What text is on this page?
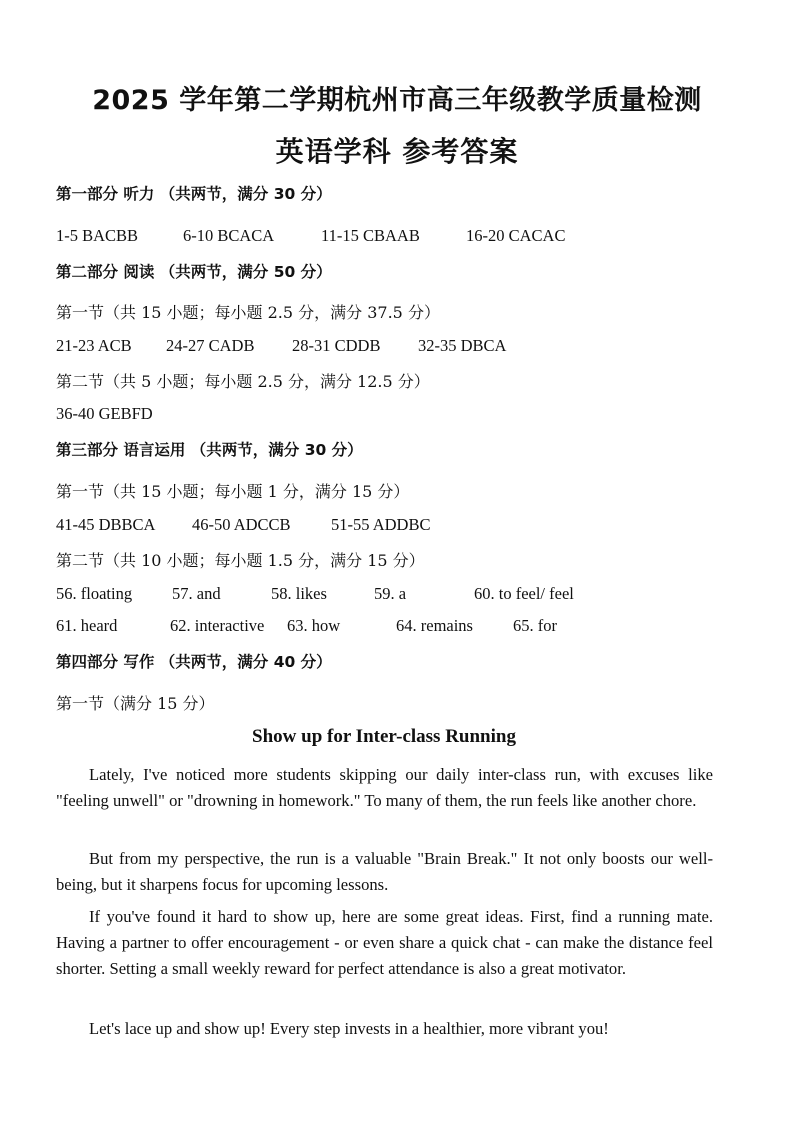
2025 学年第二学期杭州市高三年级教学质量检测
英语学科 参考答案
第一部分 听力 （共两节，满分 30 分）
1-5 BACBB	6-10 BCACA	11-15 CBAAB	16-20 CACAC
第二部分 阅读 （共两节，满分 50 分）
第一节（共 15 小题；每小题 2.5 分，满分 37.5 分）
21-23 ACB 24-27 CADB 28-31 CDDB 32-35 DBCA
第二节（共 5 小题；每小题 2.5 分，满分 12.5 分）
36-40 GEBFD
第三部分 语言运用 （共两节，满分 30 分）
第一节（共 15 小题；每小题 1 分，满分 15 分）
41-45 DBBCA 46-50 ADCCB 51-55 ADDBC
第二节（共 10 小题；每小题 1.5 分，满分 15 分）
56. floating 57. and	58. likes	59. a	60. to feel/ feel
61. heard	62. interactive 63. how	64. remains 65. for
第四部分 写作 （共两节，满分 40 分）
第一节（满分 15 分）
Show up for Inter-class Running
Lately, I've noticed more students skipping our daily inter-class run, with excuses like "feeling unwell" or "drowning in homework." To many of them, the run feels like another chore.
But from my perspective, the run is a valuable "Brain Break." It not only boosts our well-being, but it sharpens focus for upcoming lessons.
If you've found it hard to show up, here are some great ideas. First, find a running mate. Having a partner to offer encouragement - or even share a quick chat - can make the distance feel shorter. Setting a small weekly reward for perfect attendance is also a great motivator.
Let's lace up and show up! Every step invests in a healthier, more vibrant you!
